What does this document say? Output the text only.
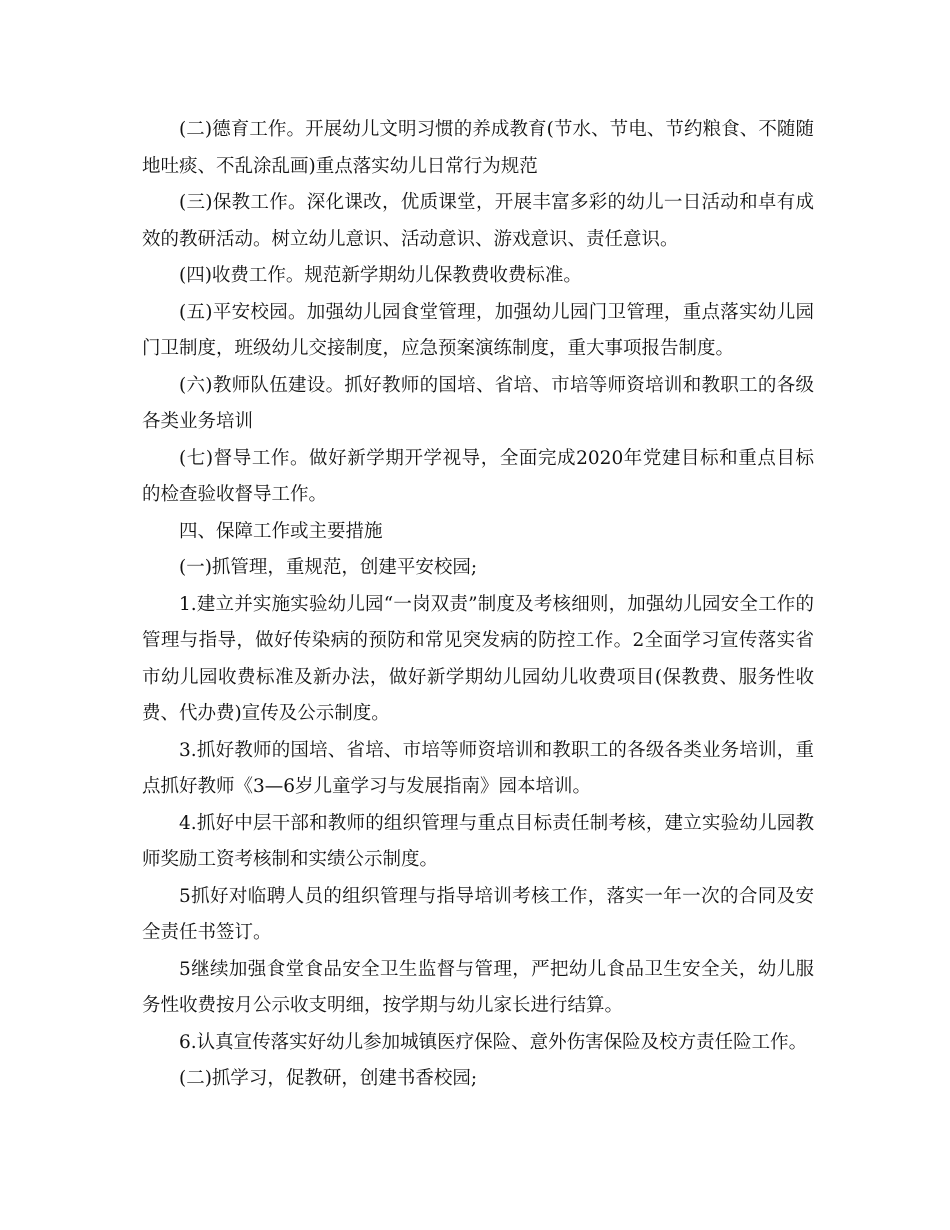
(二)德育工作。开展幼儿文明习惯的养成教育(节水、节电、节约粮食、不随随地吐痰、不乱涂乱画)重点落实幼儿日常行为规范

(三)保教工作。深化课改，优质课堂，开展丰富多彩的幼儿一日活动和卓有成效的教研活动。树立幼儿意识、活动意识、游戏意识、责任意识。

(四)收费工作。规范新学期幼儿保教费收费标准。

(五)平安校园。加强幼儿园食堂管理，加强幼儿园门卫管理，重点落实幼儿园门卫制度，班级幼儿交接制度，应急预案演练制度，重大事项报告制度。

(六)教师队伍建设。抓好教师的国培、省培、市培等师资培训和教职工的各级各类业务培训

(七)督导工作。做好新学期开学视导，全面完成2020年党建目标和重点目标的检查验收督导工作。

四、保障工作或主要措施

(一)抓管理，重规范，创建平安校园;

1.建立并实施实验幼儿园“一岗双责”制度及考核细则，加强幼儿园安全工作的管理与指导，做好传染病的预防和常见突发病的防控工作。2全面学习宣传落实省市幼儿园收费标准及新办法，做好新学期幼儿园幼儿收费项目(保教费、服务性收费、代办费)宣传及公示制度。

3.抓好教师的国培、省培、市培等师资培训和教职工的各级各类业务培训，重点抓好教师《3—6岁儿童学习与发展指南》园本培训。

4.抓好中层干部和教师的组织管理与重点目标责任制考核，建立实验幼儿园教师奖励工资考核制和实绩公示制度。

5抓好对临聘人员的组织管理与指导培训考核工作，落实一年一次的合同及安全责任书签订。

5继续加强食堂食品安全卫生监督与管理，严把幼儿食品卫生安全关，幼儿服务性收费按月公示收支明细，按学期与幼儿家长进行结算。

6.认真宣传落实好幼儿参加城镇医疗保险、意外伤害保险及校方责任险工作。

(二)抓学习，促教研，创建书香校园;
